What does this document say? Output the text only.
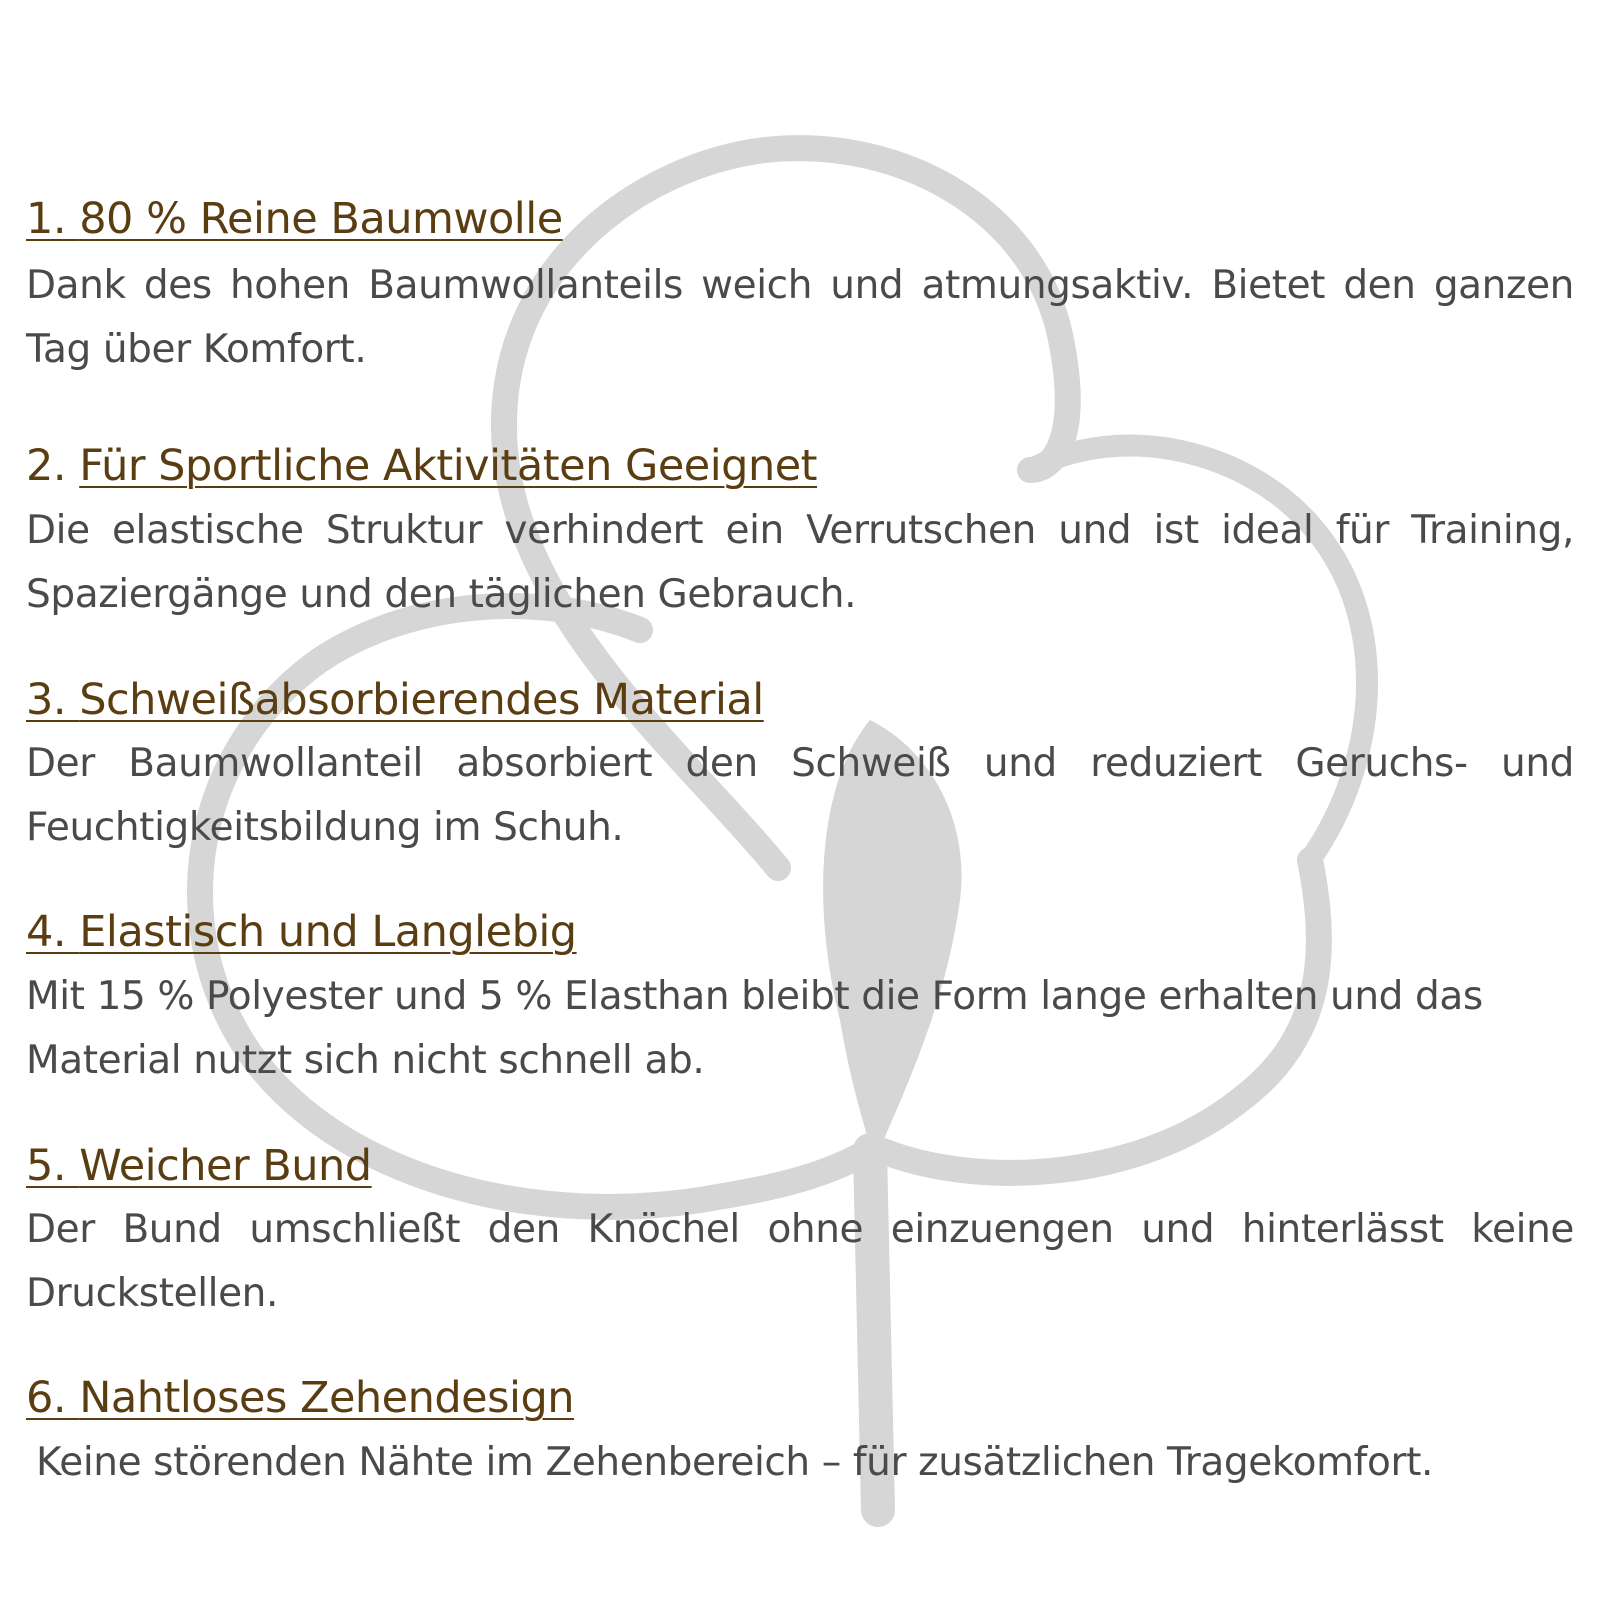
1. 80 % Reine Baumwolle

Dank des hohen Baumwollanteils weich und atmungsaktiv. Bietet den ganzen Tag über Komfort.

2. Für Sportliche Aktivitäten Geeignet

Die elastische Struktur verhindert ein Verrutschen und ist ideal für Training, Spaziergänge und den täglichen Gebrauch.

3. Schweißabsorbierendes Material

Der Baumwollanteil absorbiert den Schweiß und reduziert Geruchs- und Feuchtigkeitsbildung im Schuh.

4. Elastisch und Langlebig

Mit 15 % Polyester und 5 % Elasthan bleibt die Form lange erhalten und das Material nutzt sich nicht schnell ab.

5. Weicher Bund

Der Bund umschließt den Knöchel ohne einzuengen und hinterlässt keine Druckstellen.

6. Nahtloses Zehendesign

Keine störenden Nähte im Zehenbereich – für zusätzlichen Tragekomfort.
